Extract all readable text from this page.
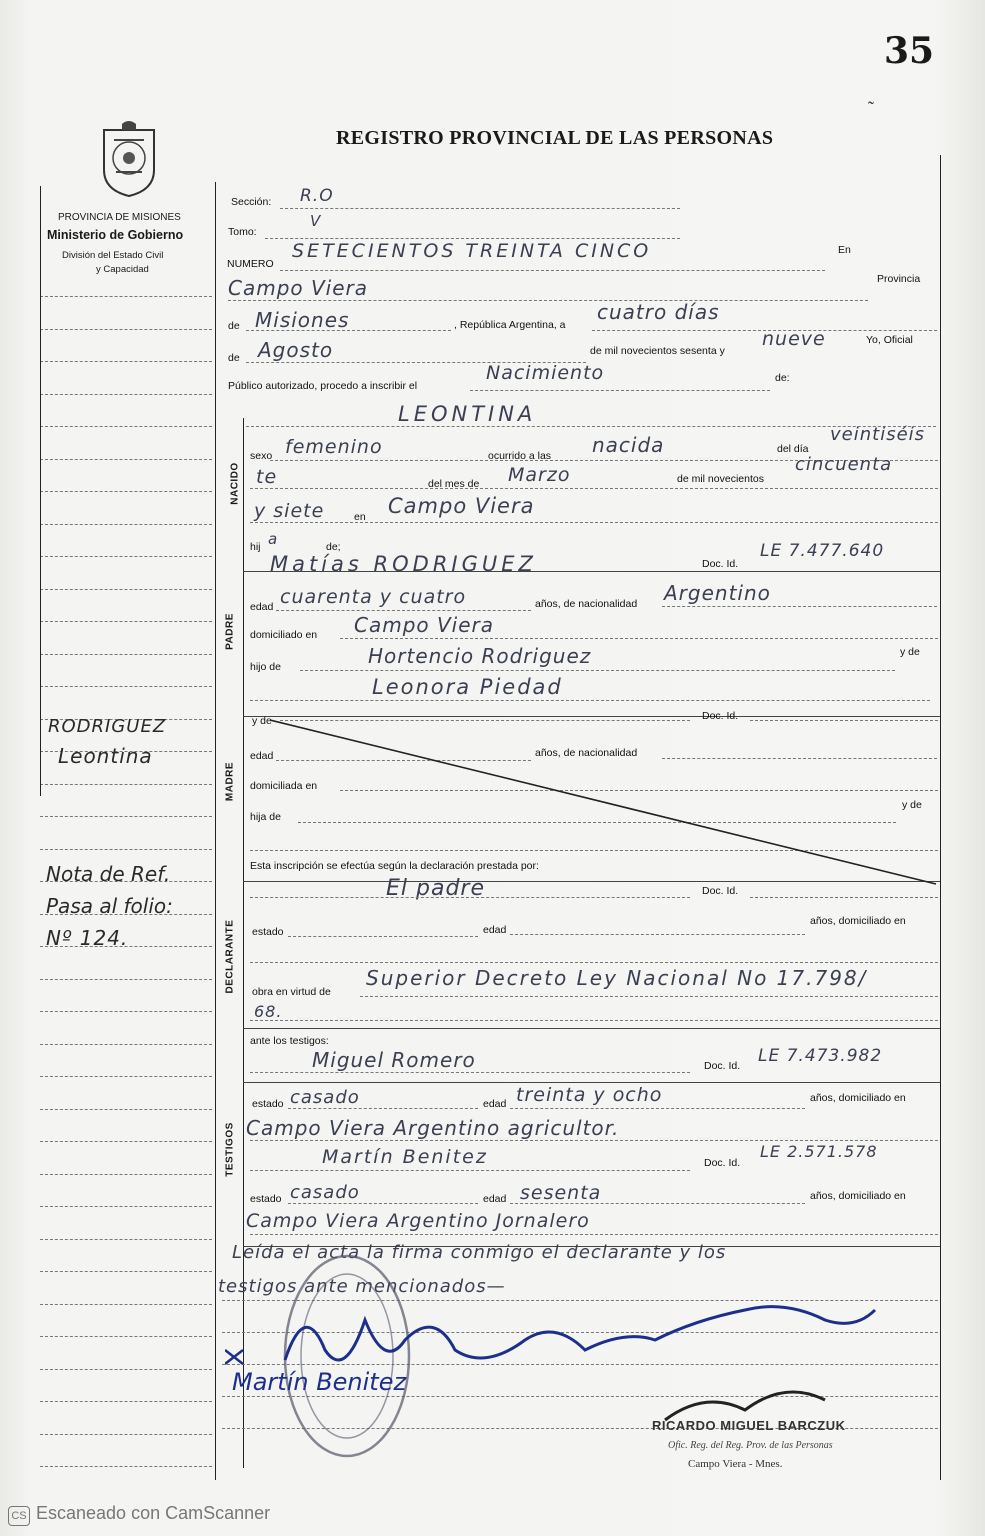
35
˜
REGISTRO PROVINCIAL DE LAS PERSONAS
PROVINCIA DE MISIONES
Ministerio de Gobierno
División del Estado Civil
y Capacidad
NACIDO
PADRE
MADRE
DECLARANTE
TESTIGOS
Sección: R.O
Tomo:
V
NUMERO
SETECIENTOS TREINTA CINCO	En
Campo Viera	Provincia
de Misiones	, República Argentina, a
cuatro días
de Agosto	de mil novecientos sesenta y
nueve	Yo, Oficial
Público autorizado, procedo a inscribir el
Nacimiento	de:
LEONTINA
sexo femenino	ocurrido a las nacida	del día
veintiséis
te	del mes de Marzo	de mil novecientos
cincuenta
y siete	en Campo Viera
hij a	de;
Matías RODRIGUEZ	Doc. Id.
LE 7.477.640
edad cuarenta y cuatro	años, de nacionalidad Argentino
domiciliado en Campo Viera
hijo de	Hortencio Rodriguez	y de
Leonora Piedad
y de	Doc. Id.
edad	años, de nacionalidad
domiciliada en
hija de
y de
Esta inscripción se efectúa según la declaración prestada por:
El padre	Doc. Id.
estado	edad
años, domiciliado en
obra en virtud de
Superior Decreto Ley Nacional No 17.798/
68.
ante los testigos:
Miguel Romero	Doc. Id. LE 7.473.982
estado casado	edad treinta y ocho	años, domiciliado en
Campo Viera Argentino agricultor.
Martín Benitez	Doc. Id.
LE 2.571.578
estado casado	edad sesenta	años, domiciliado en
Campo Viera Argentino Jornalero
Leída el acta la firma conmigo el declarante y los
testigos ante mencionados—
Martín Benitez
RICARDO MIGUEL BARCZUK
Ofic. Reg. del Reg. Prov. de las Personas
Campo Viera - Mnes.
RODRIGUEZ
Leontina
Nota de Ref.
Pasa al folio:
Nº 124.
CS Escaneado con CamScanner
